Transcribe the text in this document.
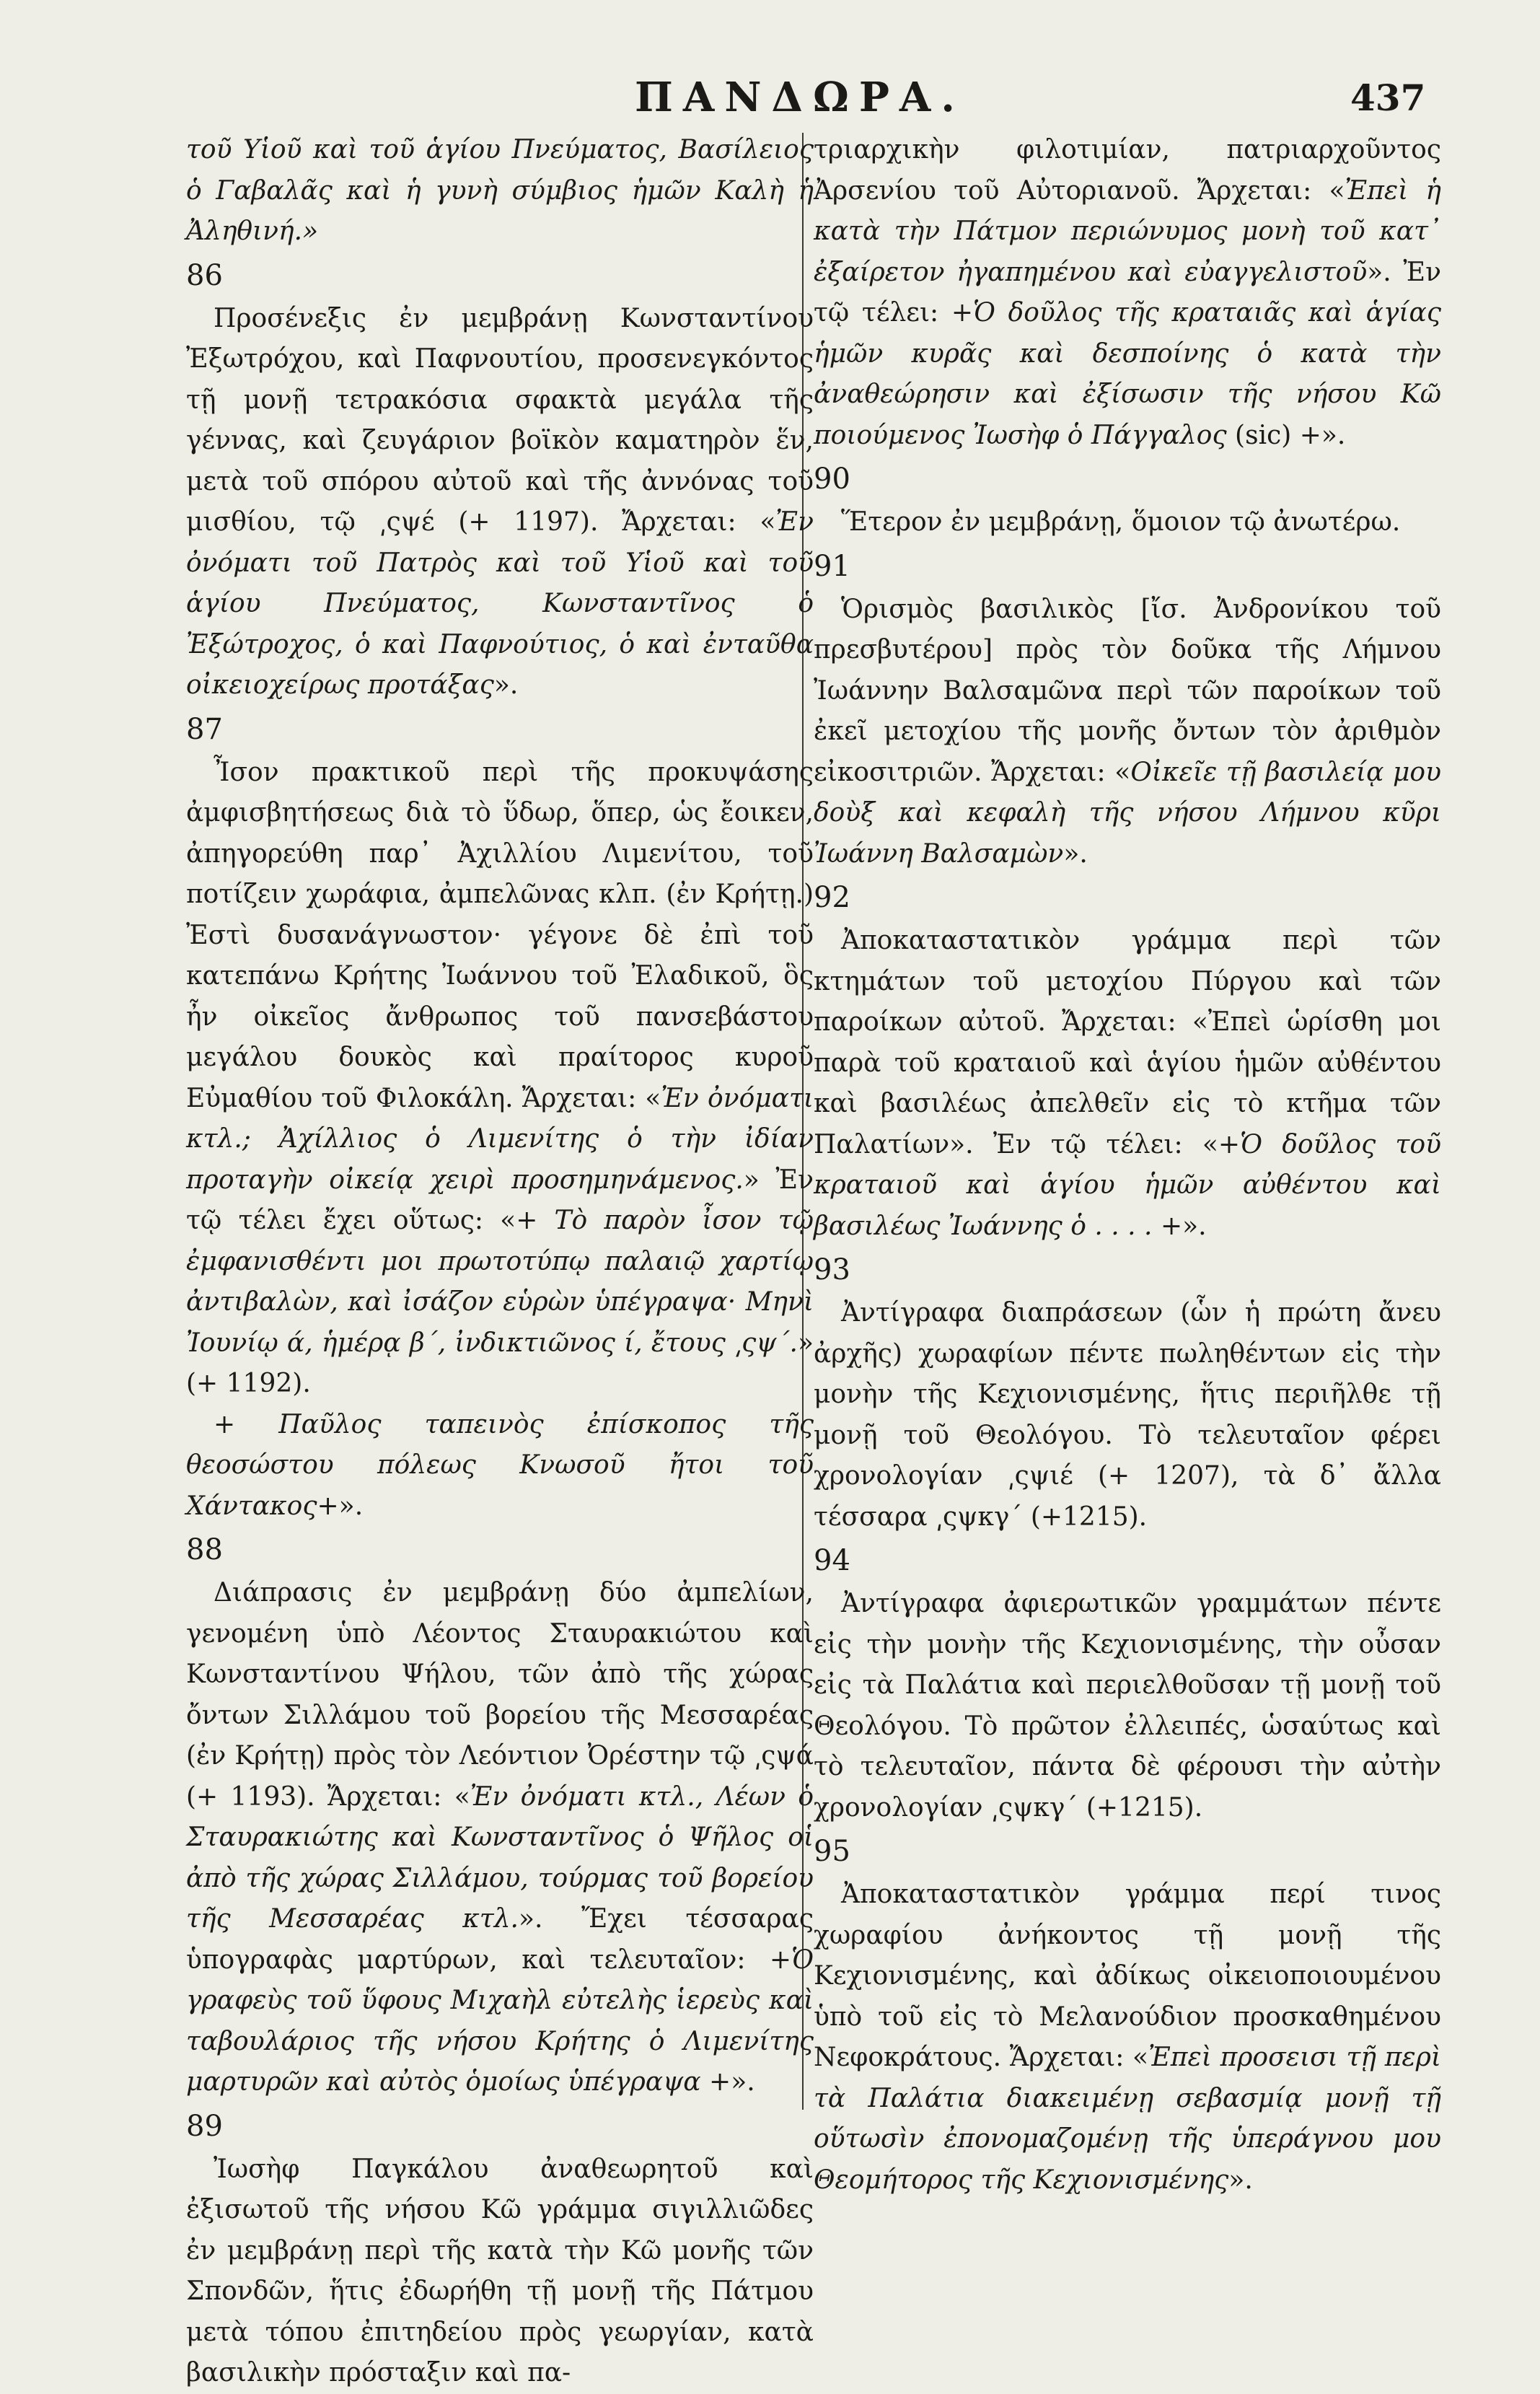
ΠΑΝΔΩΡΑ.	437

τοῦ Υἱοῦ καὶ τοῦ ἁγίου Πνεύματος, Βασίλειος ὁ Γαβαλᾶς καὶ ἡ γυνὴ σύμβιος ἡμῶν Καλὴ ἡ Ἀληθινή.»

86

Προσένεξις ἐν μεμβράνῃ Κωνσταντίνου Ἐξωτρόχου, καὶ Παφνουτίου, προσενεγκόντος τῇ μονῇ τετρακόσια σφακτὰ μεγάλα τῆς γέννας, καὶ ζευγάριον βοϊκὸν καματηρὸν ἕν, μετὰ τοῦ σπόρου αὐτοῦ καὶ τῆς ἀννόνας τοῦ μισθίου, τῷ ͵ςψέ (+ 1197). Ἄρχεται: «Ἐν ὀνόματι τοῦ Πατρὸς καὶ τοῦ Υἱοῦ καὶ τοῦ ἁγίου Πνεύματος, Κωνσταντῖνος ὁ Ἐξώτροχος, ὁ καὶ Παφνούτιος, ὁ καὶ ἐνταῦθα οἰκειοχείρως προτάξας».

87

Ἶσον πρακτικοῦ περὶ τῆς προκυψάσης ἀμφισβητήσεως διὰ τὸ ὕδωρ, ὅπερ, ὡς ἔοικεν, ἀπηγορεύθη παρ᾽ Ἀχιλλίου Λιμενίτου, τοῦ ποτίζειν χωράφια, ἀμπελῶνας κλπ. (ἐν Κρήτῃ.) Ἐστὶ δυσανάγνωστον· γέγονε δὲ ἐπὶ τοῦ κατεπάνω Κρήτης Ἰωάννου τοῦ Ἐλαδικοῦ, ὃς ἦν οἰκεῖος ἄνθρωπος τοῦ πανσεβάστου μεγάλου δουκὸς καὶ πραίτορος κυροῦ Εὐμαθίου τοῦ Φιλοκάλη. Ἄρχεται: «Ἐν ὀνόματι κτλ.; Ἀχίλλιος ὁ Λιμενίτης ὁ τὴν ἰδίαν προταγὴν οἰκείᾳ χειρὶ προσημηνάμενος.» Ἐν τῷ τέλει ἔχει οὕτως: «+ Τὸ παρὸν ἶσον τῷ ἐμφανισθέντι μοι πρωτοτύπῳ παλαιῷ χαρτίῳ ἀντιβαλὼν, καὶ ἰσάζον εὑρὼν ὑπέγραψα· Μηνὶ Ἰουνίῳ ά, ἡμέρᾳ β΄, ἰνδικτιῶνος ί, ἔτους ͵ςψ΄.» (+ 1192).

+ Παῦλος ταπεινὸς ἐπίσκοπος τῆς θεοσώστου πόλεως Κνωσοῦ ἤτοι τοῦ Χάντακος+».

88

Διάπρασις ἐν μεμβράνῃ δύο ἀμπελίων, γενομένη ὑπὸ Λέοντος Σταυρακιώτου καὶ Κωνσταντίνου Ψήλου, τῶν ἀπὸ τῆς χώρας ὄντων Σιλλάμου τοῦ βορείου τῆς Μεσσαρέας (ἐν Κρήτῃ) πρὸς τὸν Λεόντιον Ὀρέστην τῷ ͵ςψά (+ 1193). Ἄρχεται: «Ἐν ὀνόματι κτλ., Λέων ὁ Σταυρακιώτης καὶ Κωνσταντῖνος ὁ Ψῆλος οἱ ἀπὸ τῆς χώρας Σιλλάμου, τούρμας τοῦ βορείου τῆς Μεσσαρέας κτλ.». Ἔχει τέσσαρας ὑπογραφὰς μαρτύρων, καὶ τελευταῖον: +Ὁ γραφεὺς τοῦ ὕφους Μιχαὴλ εὐτελὴς ἱερεὺς καὶ ταβουλάριος τῆς νήσου Κρήτης ὁ Λιμενίτης μαρτυρῶν καὶ αὐτὸς ὁμοίως ὑπέγραψα +».

89

Ἰωσὴφ Παγκάλου ἀναθεωρητοῦ καὶ ἐξισωτοῦ τῆς νήσου Κῶ γράμμα σιγιλλιῶδες ἐν μεμβράνῃ περὶ τῆς κατὰ τὴν Κῶ μονῆς τῶν Σπονδῶν, ἥτις ἐδωρήθη τῇ μονῇ τῆς Πάτμου μετὰ τόπου ἐπιτηδείου πρὸς γεωργίαν, κατὰ βασιλικὴν πρόσταξιν καὶ πα-

τριαρχικὴν φιλοτιμίαν, πατριαρχοῦντος Ἀρσενίου τοῦ Αὐτοριανοῦ. Ἄρχεται: «Ἐπεὶ ἡ κατὰ τὴν Πάτμον περιώνυμος μονὴ τοῦ κατ᾽ ἐξαίρετον ἠγαπημένου καὶ εὐαγγελιστοῦ». Ἐν τῷ τέλει: +Ὁ δοῦλος τῆς κραταιᾶς καὶ ἁγίας ἡμῶν κυρᾶς καὶ δεσποίνης ὁ κατὰ τὴν ἀναθεώρησιν καὶ ἐξίσωσιν τῆς νήσου Κῶ ποιούμενος Ἰωσὴφ ὁ Πάγγαλος (sic) +».

90

Ἕτερον ἐν μεμβράνῃ, ὅμοιον τῷ ἀνωτέρω.

91

Ὁρισμὸς βασιλικὸς [ἴσ. Ἀνδρονίκου τοῦ πρεσβυτέρου] πρὸς τὸν δοῦκα τῆς Λήμνου Ἰωάννην Βαλσαμῶνα περὶ τῶν παροίκων τοῦ ἐκεῖ μετοχίου τῆς μονῆς ὄντων τὸν ἀριθμὸν εἰκοσιτριῶν. Ἄρχεται: «Οἰκεῖε τῇ βασιλείᾳ μου δοὺξ καὶ κεφαλὴ τῆς νήσου Λήμνου κῦρι Ἰωάννη Βαλσαμὼν».

92

Ἀποκαταστατικὸν γράμμα περὶ τῶν κτημάτων τοῦ μετοχίου Πύργου καὶ τῶν παροίκων αὐτοῦ. Ἄρχεται: «Ἐπεὶ ὡρίσθη μοι παρὰ τοῦ κραταιοῦ καὶ ἁγίου ἡμῶν αὐθέντου καὶ βασιλέως ἀπελθεῖν εἰς τὸ κτῆμα τῶν Παλατίων». Ἐν τῷ τέλει: «+Ὁ δοῦλος τοῦ κραταιοῦ καὶ ἁγίου ἡμῶν αὐθέντου καὶ βασιλέως Ἰωάννης ὁ . . . . +».

93

Ἀντίγραφα διαπράσεων (ὧν ἡ πρώτη ἄνευ ἀρχῆς) χωραφίων πέντε πωληθέντων εἰς τὴν μονὴν τῆς Κεχιονισμένης, ἥτις περιῆλθε τῇ μονῇ τοῦ Θεολόγου. Τὸ τελευταῖον φέρει χρονολογίαν ͵ςψιέ (+ 1207), τὰ δ᾽ ἄλλα τέσσαρα ͵ςψκγ΄ (+1215).

94

Ἀντίγραφα ἀφιερωτικῶν γραμμάτων πέντε εἰς τὴν μονὴν τῆς Κεχιονισμένης, τὴν οὖσαν εἰς τὰ Παλάτια καὶ περιελθοῦσαν τῇ μονῇ τοῦ Θεολόγου. Τὸ πρῶτον ἐλλειπές, ὡσαύτως καὶ τὸ τελευταῖον, πάντα δὲ φέρουσι τὴν αὐτὴν χρονολογίαν ͵ςψκγ΄ (+1215).

95

Ἀποκαταστατικὸν γράμμα περί τινος χωραφίου ἀνήκοντος τῇ μονῇ τῆς Κεχιονισμένης, καὶ ἀδίκως οἰκειοποιουμένου ὑπὸ τοῦ εἰς τὸ Μελανούδιον προσκαθημένου Νεφοκράτους. Ἄρχεται: «Ἐπεὶ προσεισι τῇ περὶ τὰ Παλάτια διακειμένῃ σεβασμίᾳ μονῇ τῇ οὕτωσὶν ἐπονομαζομένῃ τῆς ὑπεράγνου μου Θεομήτορος τῆς Κεχιονισμένης».
